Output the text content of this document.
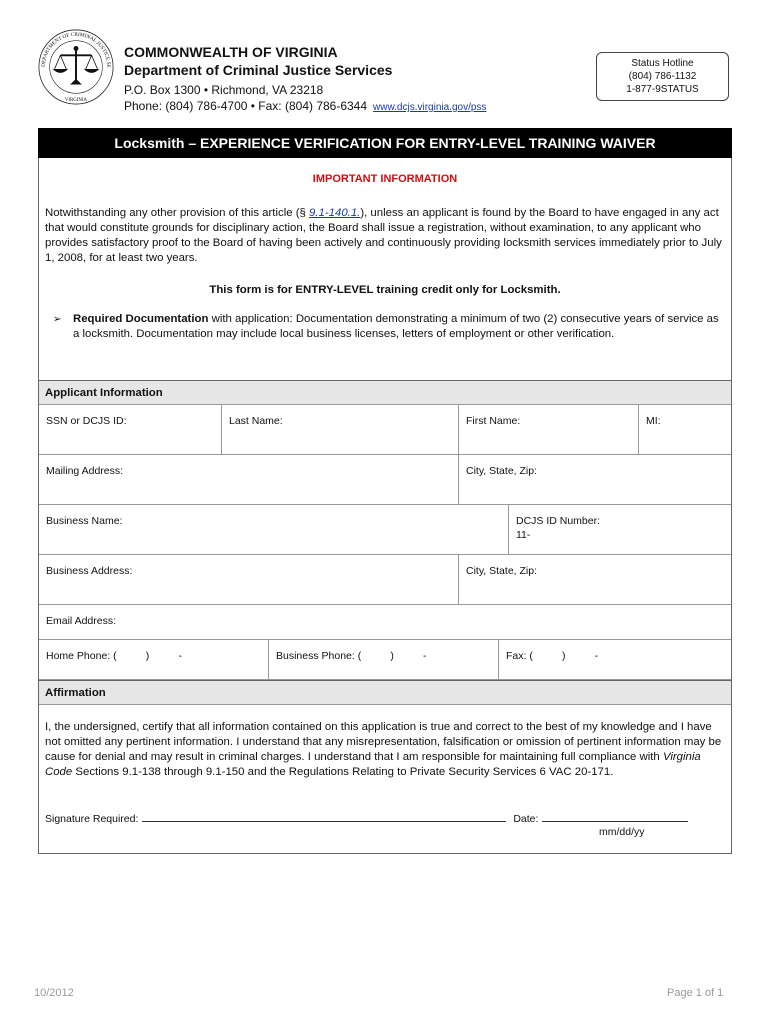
DEPARTMENT OF CRIMINAL JUSTICE SE
VIRGINIA
COMMONWEALTH OF VIRGINIA
Department of Criminal Justice Services
P.O. Box 1300 • Richmond, VA 23218
Phone: (804) 786-4700 • Fax: (804) 786-6344 www.dcjs.virginia.gov/pss
Status Hotline
(804) 786-1132
1-877-9STATUS
Locksmith – EXPERIENCE VERIFICATION FOR ENTRY-LEVEL TRAINING WAIVER
IMPORTANT INFORMATION
Notwithstanding any other provision of this article (§ 9.1-140.1.), unless an applicant is found by the Board to have engaged in any act that would constitute grounds for disciplinary action, the Board shall issue a registration, without examination, to any applicant who provides satisfactory proof to the Board of having been actively and continuously providing locksmith services immediately prior to July 1, 2008, for at least two years.
This form is for ENTRY-LEVEL training credit only for Locksmith.
➢ Required Documentation with application: Documentation demonstrating a minimum of two (2) consecutive years of service as a locksmith. Documentation may include local business licenses, letters of employment or other verification.
Applicant Information
SSN or DCJS ID:	Last Name:	First Name:	MI:
Mailing Address:	City, State, Zip:
Business Name:	DCJS ID Number:
11-
Business Address:	City, State, Zip:
Email Address:
Home Phone: (          )          -	Business Phone: (          )          -	Fax: (          )          -
Affirmation
I, the undersigned, certify that all information contained on this application is true and correct to the best of my knowledge and I have not omitted any pertinent information. I understand that any misrepresentation, falsification or omission of pertinent information may be cause for denial and may result in criminal charges. I understand that I am responsible for maintaining full compliance with Virginia Code Sections 9.1-138 through 9.1-150 and the Regulations Relating to Private Security Services 6 VAC 20-171.
Signature Required:	Date:
mm/dd/yy
10/2012	Page 1 of 1
